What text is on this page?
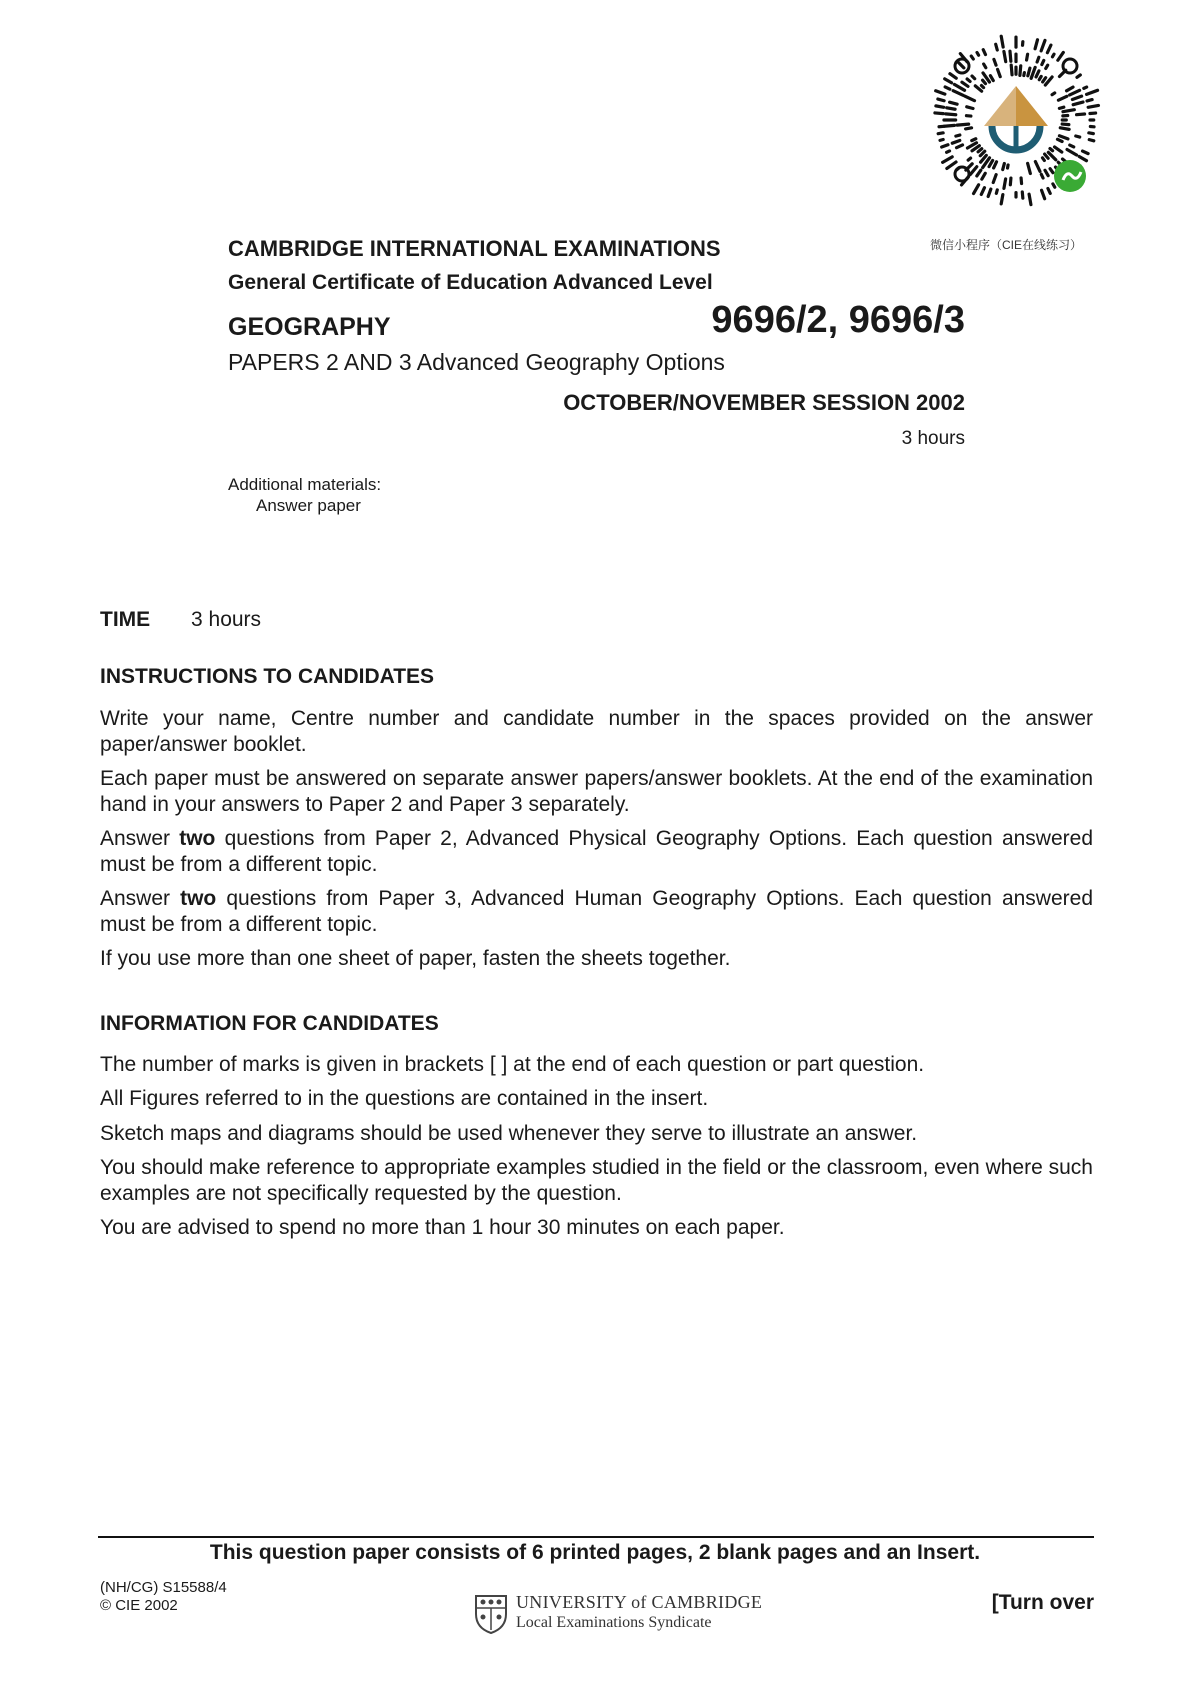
微信小程序（CIE在线练习）
CAMBRIDGE INTERNATIONAL EXAMINATIONS
General Certificate of Education Advanced Level
GEOGRAPHY	9696/2, 9696/3
PAPERS 2 AND 3 Advanced Geography Options
OCTOBER/NOVEMBER SESSION 2002
3 hours
Additional materials:
Answer paper
TIME 3 hours
INSTRUCTIONS TO CANDIDATES
Write your name, Centre number and candidate number in the spaces provided on the answer paper/answer booklet.
Each paper must be answered on separate answer papers/answer booklets. At the end of the examination hand in your answers to Paper 2 and Paper 3 separately.
Answer two questions from Paper 2, Advanced Physical Geography Options. Each question answered must be from a different topic.
Answer two questions from Paper 3, Advanced Human Geography Options. Each question answered must be from a different topic.
If you use more than one sheet of paper, fasten the sheets together.
INFORMATION FOR CANDIDATES
The number of marks is given in brackets [ ] at the end of each question or part question.
All Figures referred to in the questions are contained in the insert.
Sketch maps and diagrams should be used whenever they serve to illustrate an answer.
You should make reference to appropriate examples studied in the field or the classroom, even where such examples are not specifically requested by the question.
You are advised to spend no more than 1 hour 30 minutes on each paper.
This question paper consists of 6 printed pages, 2 blank pages and an Insert.
(NH/CG) S15588/4
© CIE 2002	UNIVERSITY of CAMBRIDGE
Local Examinations Syndicate
[Turn over
